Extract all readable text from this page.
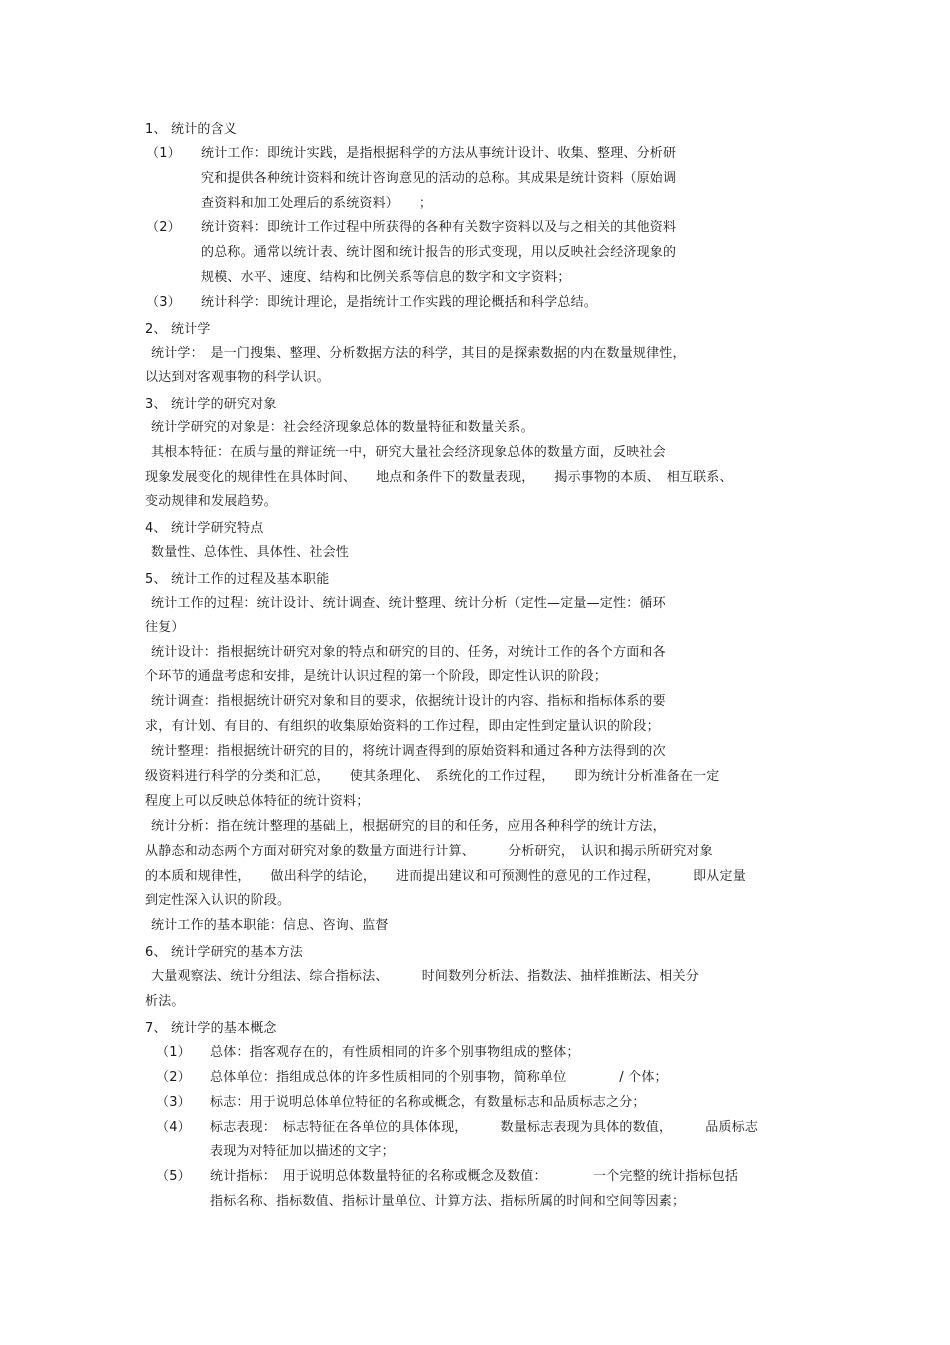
1、 统计的含义
（1） 统计工作：即统计实践，是指根据科学的方法从事统计设计、收集、整理、分析研
究和提供各种统计资料和统计咨询意见的活动的总称。其成果是统计资料（原始调
查资料和加工处理后的系统资料）　　；
（2） 统计资料：即统计工作过程中所获得的各种有关数字资料以及与之相关的其他资料
的总称。通常以统计表、统计图和统计报告的形式变现，用以反映社会经济现象的
规模、水平、速度、结构和比例关系等信息的数字和文字资料；
（3） 统计科学：即统计理论，是指统计工作实践的理论概括和科学总结。
2、 统计学
统计学：　是一门搜集、整理、分析数据方法的科学，其目的是探索数据的内在数量规律性，
以达到对客观事物的科学认识。
3、 统计学的研究对象
统计学研究的对象是：社会经济现象总体的数量特征和数量关系。
其根本特征：在质与量的辩证统一中，研究大量社会经济现象总体的数量方面，反映社会
现象发展变化的规律性在具体时间、　　地点和条件下的数量表现，　　揭示事物的本质、　相互联系、
变动规律和发展趋势。
4、 统计学研究特点
数量性、总体性、具体性、社会性
5、 统计工作的过程及基本职能
统计工作的过程：统计设计、统计调查、统计整理、统计分析（定性—定量—定性：循环
往复）
统计设计：指根据统计研究对象的特点和研究的目的、任务，对统计工作的各个方面和各
个环节的通盘考虑和安排，是统计认识过程的第一个阶段，即定性认识的阶段；
统计调查：指根据统计研究对象和目的要求，依据统计设计的内容、指标和指标体系的要
求，有计划、有目的、有组织的收集原始资料的工作过程，即由定性到定量认识的阶段；
统计整理：指根据统计研究的目的，将统计调查得到的原始资料和通过各种方法得到的次
级资料进行科学的分类和汇总，　　使其条理化、　系统化的工作过程，　　即为统计分析准备在一定
程度上可以反映总体特征的统计资料；
统计分析：指在统计整理的基础上，根据研究的目的和任务，应用各种科学的统计方法，
从静态和动态两个方面对研究对象的数量方面进行计算、　　　分析研究，　认识和揭示所研究对象
的本质和规律性，　　做出科学的结论，　　进而提出建议和可预测性的意见的工作过程，　　　即从定量
到定性深入认识的阶段。
统计工作的基本职能：信息、咨询、监督
6、 统计学研究的基本方法
大量观察法、统计分组法、综合指标法、　　　时间数列分析法、指数法、抽样推断法、相关分
析法。
7、 统计学的基本概念
（1） 总体：指客观存在的，有性质相同的许多个别事物组成的整体；
（2） 总体单位：指组成总体的许多性质相同的个别事物，简称单位　　　　/ 个体；
（3） 标志：用于说明总体单位特征的名称或概念，有数量标志和品质标志之分；
（4） 标志表现：　标志特征在各单位的具体体现，　　　数量标志表现为具体的数值，　　　品质标志
表现为对特征加以描述的文字；
（5） 统计指标：　用于说明总体数量特征的名称或概念及数值：　　　　一个完整的统计指标包括
指标名称、指标数值、指标计量单位、计算方法、指标所属的时间和空间等因素；
